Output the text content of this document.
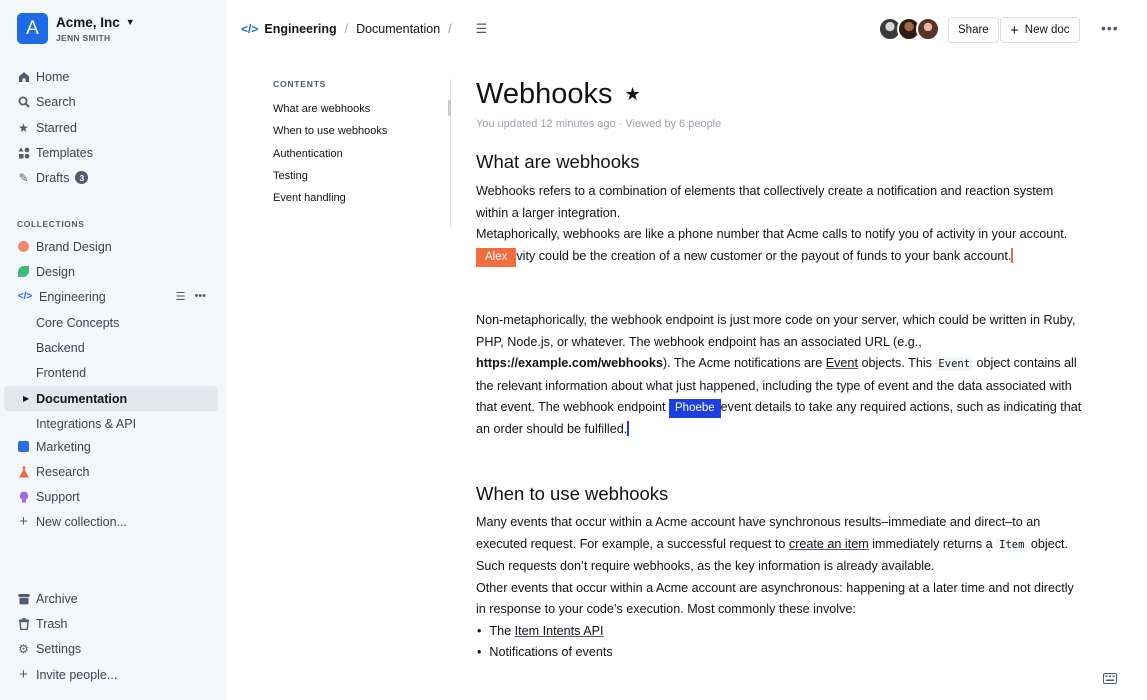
A	Acme, Inc ▼
JENN SMITH
Home
Search
★ Starred
Templates
✎ Drafts	3
COLLECTIONS
Brand Design
Design
</> Engineering	☰ •••
Core Concepts
Backend
Frontend
▶ Documentation
Integrations & API
Marketing
Research
Support
+ New collection...
Archive
Trash
⚙ Settings
+ Invite people...
</> Engineering / Documentation / ☰	Share	+ New doc •••
CONTENTS
What are webhooks
When to use webhooks
Authentication
Testing
Event handling
Webhooks ★
You updated 12 minutes ago · Viewed by 6 people
What are webhooks

Webhooks refers to a combination of elements that collectively create a notification and reaction system within a larger integration.

Metaphorically, webhooks are like a phone number that Acme calls to notify you of activity in your account. Alex vity could be the creation of a new customer or the payout of funds to your bank account.

Non-metaphorically, the webhook endpoint is just more code on your server, which could be written in Ruby, PHP, Node.js, or whatever. The webhook endpoint has an associated URL (e.g., https://example.com/webhooks). The Acme notifications are Event objects. This Event object contains all the relevant information about what just happened, including the type of event and the data associated with that event. The webhook endpoint Phoebe event details to take any required actions, such as indicating that an order should be fulfilled.

When to use webhooks

Many events that occur within a Acme account have synchronous results–immediate and direct–to an executed request. For example, a successful request to create an item immediately returns a Item object. Such requests don’t require webhooks, as the key information is already available.

Other events that occur within a Acme account are asynchronous: happening at a later time and not directly in response to your code’s execution. Most commonly these involve:

• The Item Intents API
• Notifications of events
